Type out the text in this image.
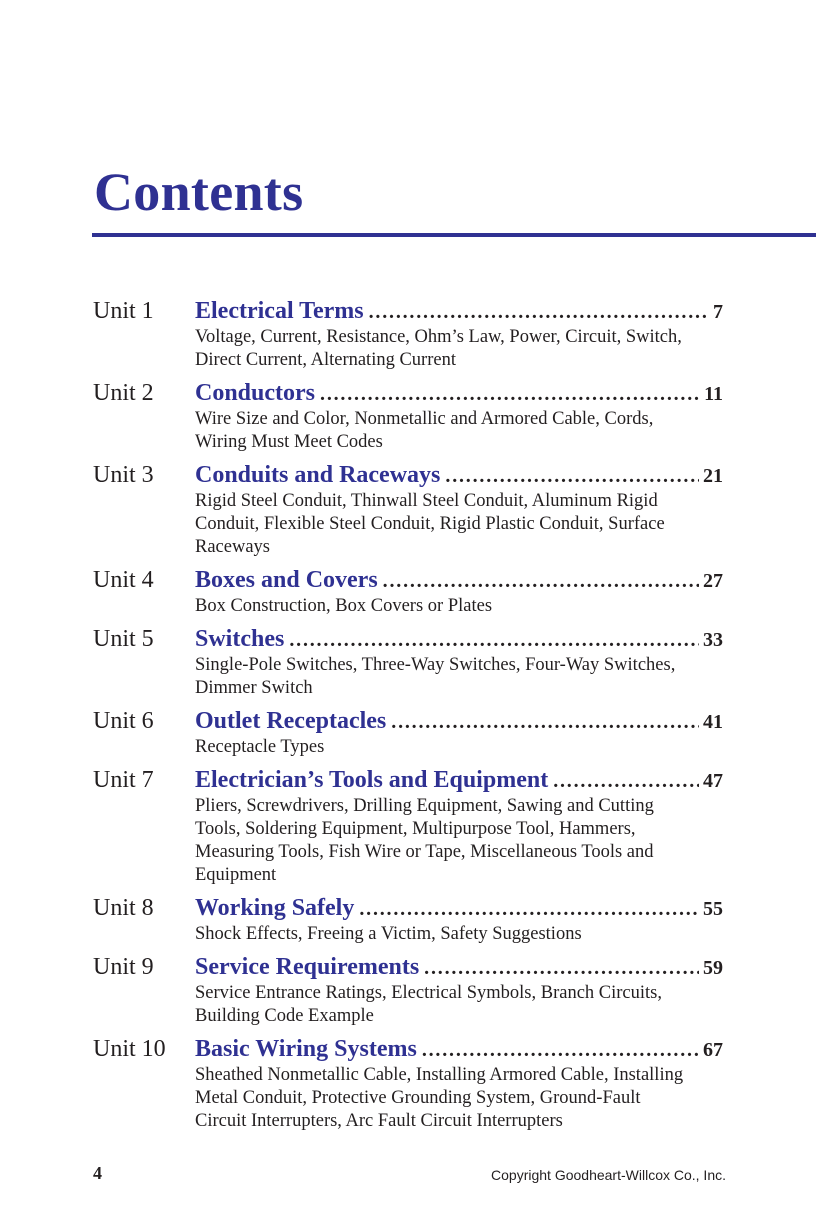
Contents
Unit 1 Electrical Terms . . .	7

Voltage, Current, Resistance, Ohm’s Law, Power, Circuit, Switch, Direct Current, Alternating Current

Unit 2 Conductors . . .	11

Wire Size and Color, Nonmetallic and Armored Cable, Cords, Wiring Must Meet Codes

Unit 3 Conduits and Raceways . . .	21

Rigid Steel Conduit, Thinwall Steel Conduit, Aluminum Rigid Conduit, Flexible Steel Conduit, Rigid Plastic Conduit, Surface Raceways

Unit 4 Boxes and Covers . . .	27

Box Construction, Box Covers or Plates

Unit 5 Switches . . .	33

Single-Pole Switches, Three-Way Switches, Four-Way Switches, Dimmer Switch

Unit 6 Outlet Receptacles . . .	41

Receptacle Types

Unit 7 Electrician’s Tools and Equipment . . .	47

Pliers, Screwdrivers, Drilling Equipment, Sawing and Cutting Tools, Soldering Equipment, Multipurpose Tool, Hammers, Measuring Tools, Fish Wire or Tape, Miscellaneous Tools and Equipment

Unit 8 Working Safely . . .	55

Shock Effects, Freeing a Victim, Safety Suggestions

Unit 9 Service Requirements . . .	59

Service Entrance Ratings, Electrical Symbols, Branch Circuits, Building Code Example

Unit 10 Basic Wiring Systems . . .	67

Sheathed Nonmetallic Cable, Installing Armored Cable, Installing Metal Conduit, Protective Grounding System, Ground-Fault Circuit Interrupters, Arc Fault Circuit Interrupters

4	Copyright Goodheart-Willcox Co., Inc.
